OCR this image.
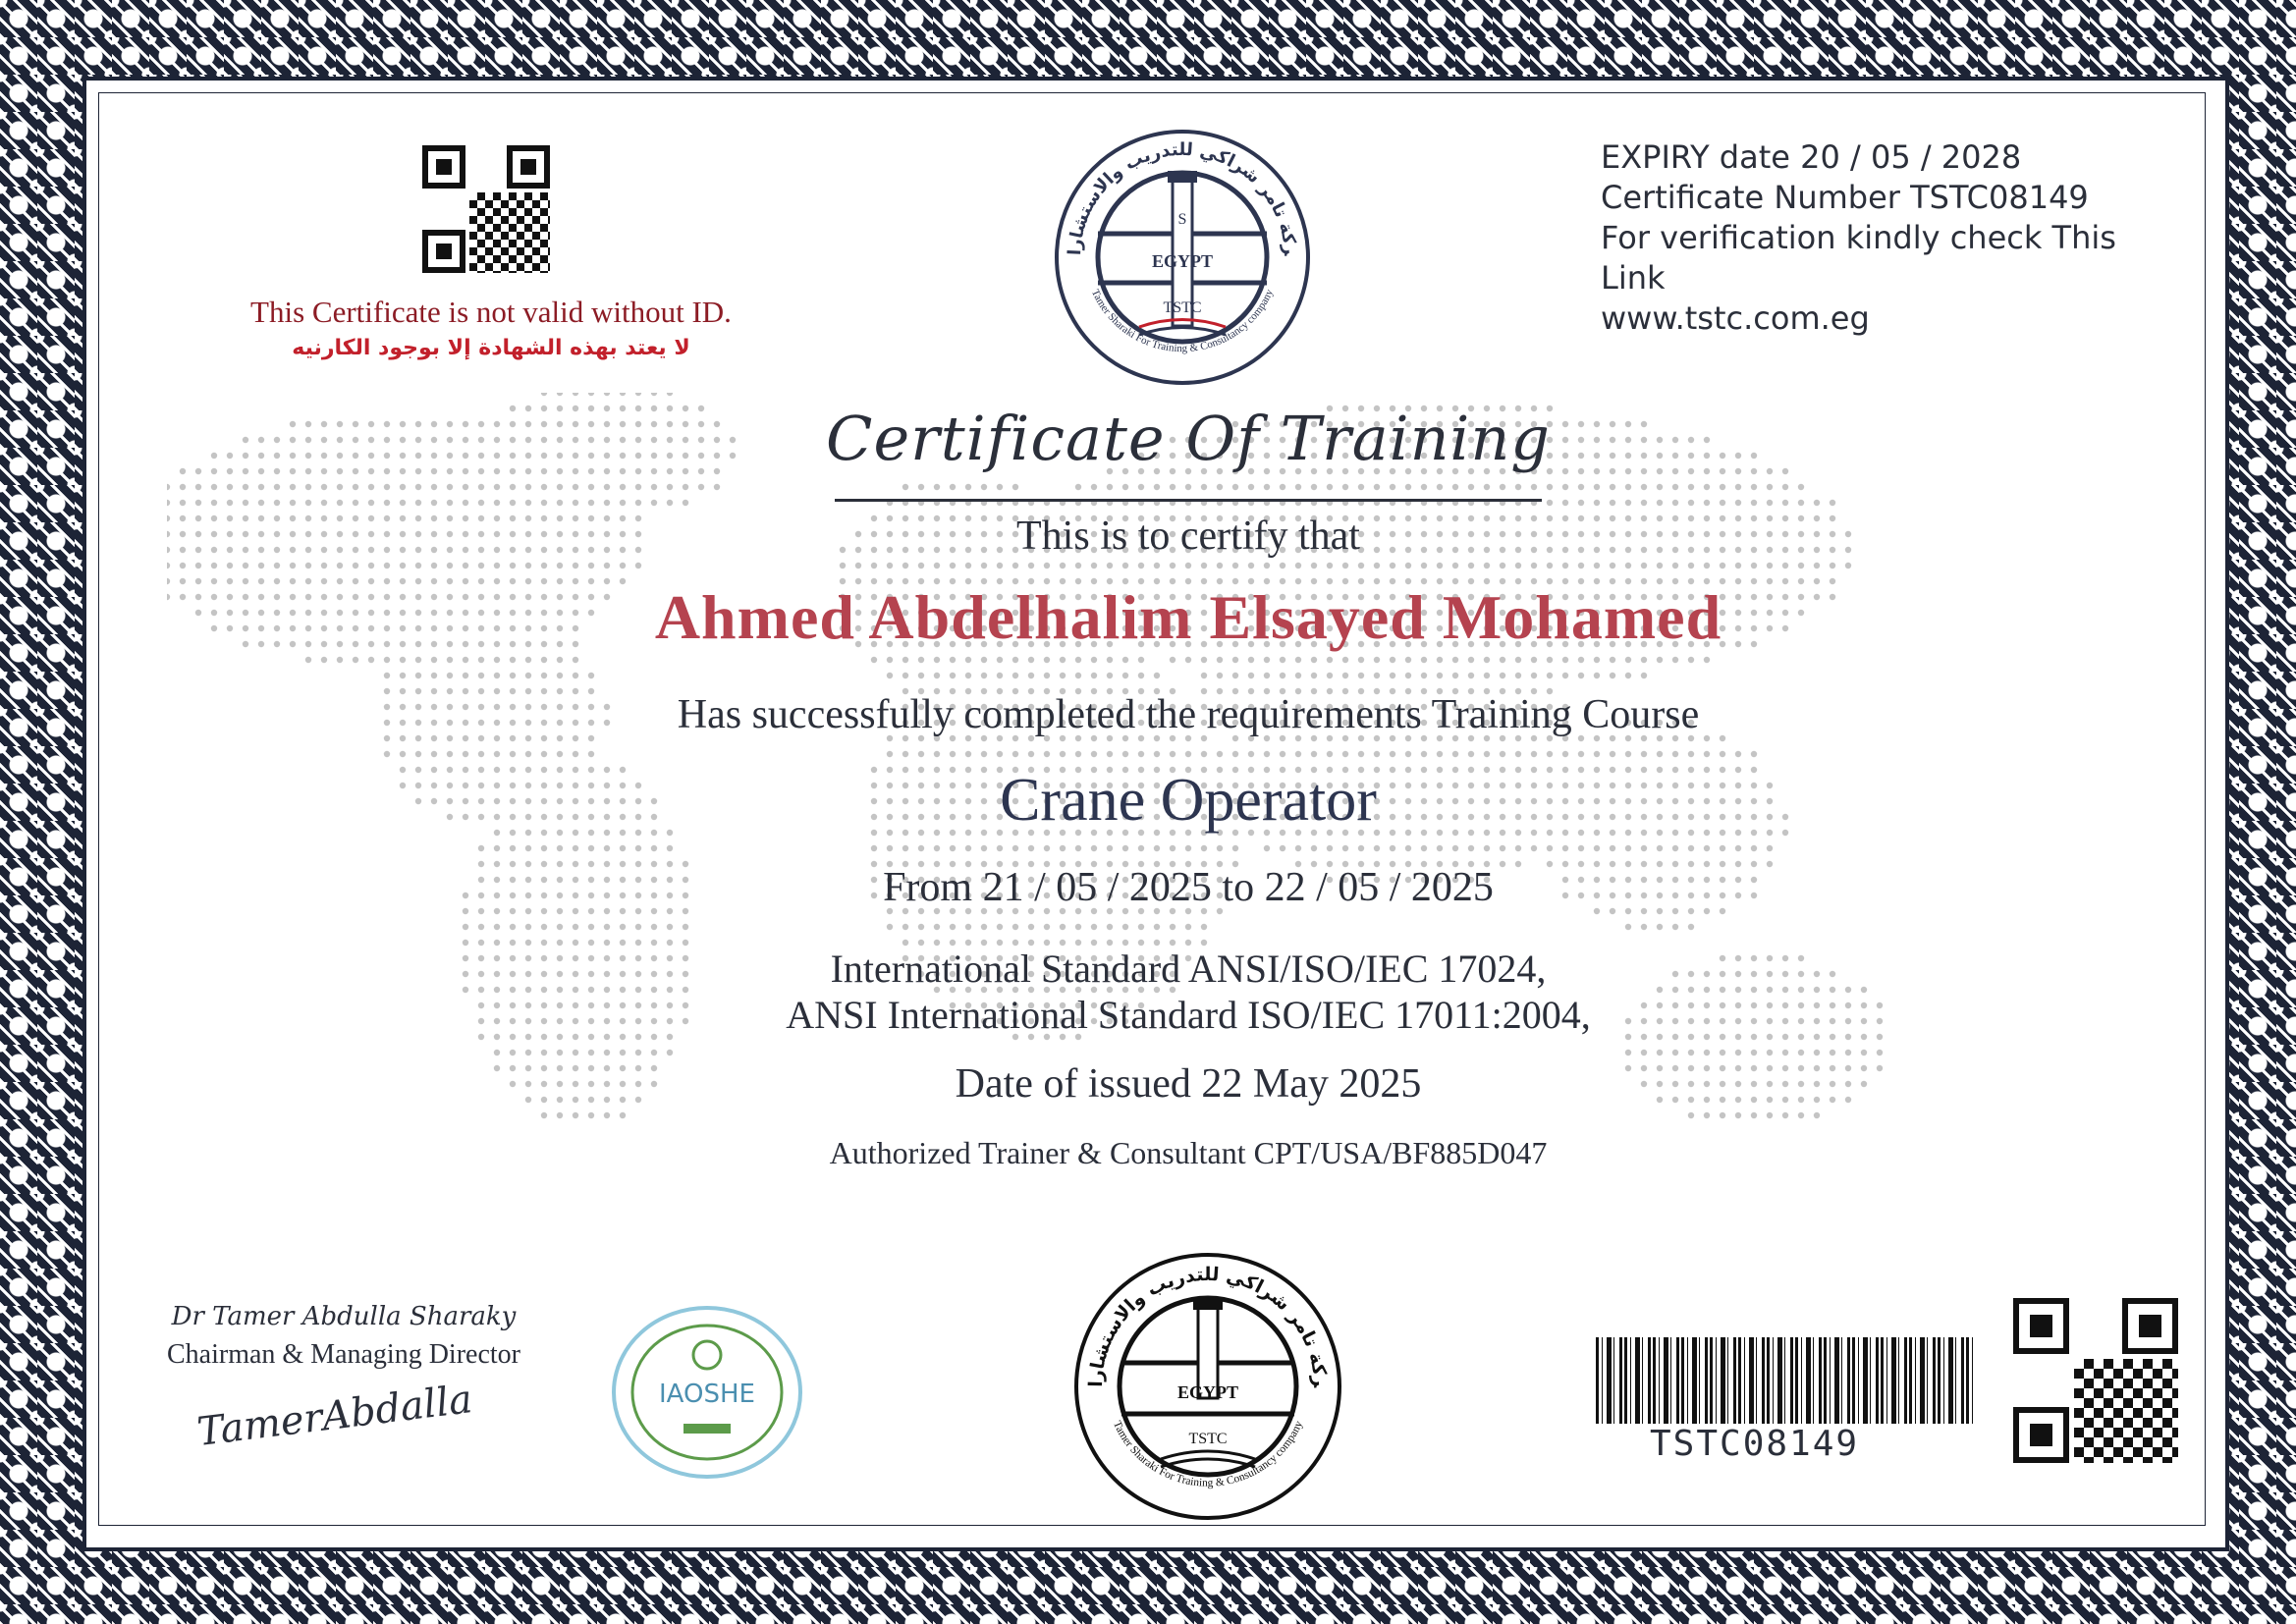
This Certificate is not valid without ID.
لا يعتد بهذه الشهادة إلا بوجود الكارنيه
EGYPT
S
TSTC
ركة تامر شراكي للتدريب والاستشارات
Tamer Sharaki For Training & Consultancy company
EXPIRY date 20 / 05 / 2028
Certificate Number TSTC08149
For verification kindly check This Link
www.tstc.com.eg
Certificate Of Training
This is to certify that
Ahmed Abdelhalim Elsayed Mohamed
Has successfully completed the requirements Training Course
Crane Operator
From 21 / 05 / 2025 to 22 / 05 / 2025
International Standard ANSI/ISO/IEC 17024,
ANSI International Standard ISO/IEC 17011:2004,
Date of issued 22 May 2025
Authorized Trainer & Consultant CPT/USA/BF885D047
Dr Tamer Abdulla Sharaky
Chairman & Managing Director
TamerAbdalla	IAOSHE	EGYPT
TSTC
ركة تامر شراكي للتدريب والاستشارات
Tamer Sharaki For Training & Consultancy company	TSTC08149
